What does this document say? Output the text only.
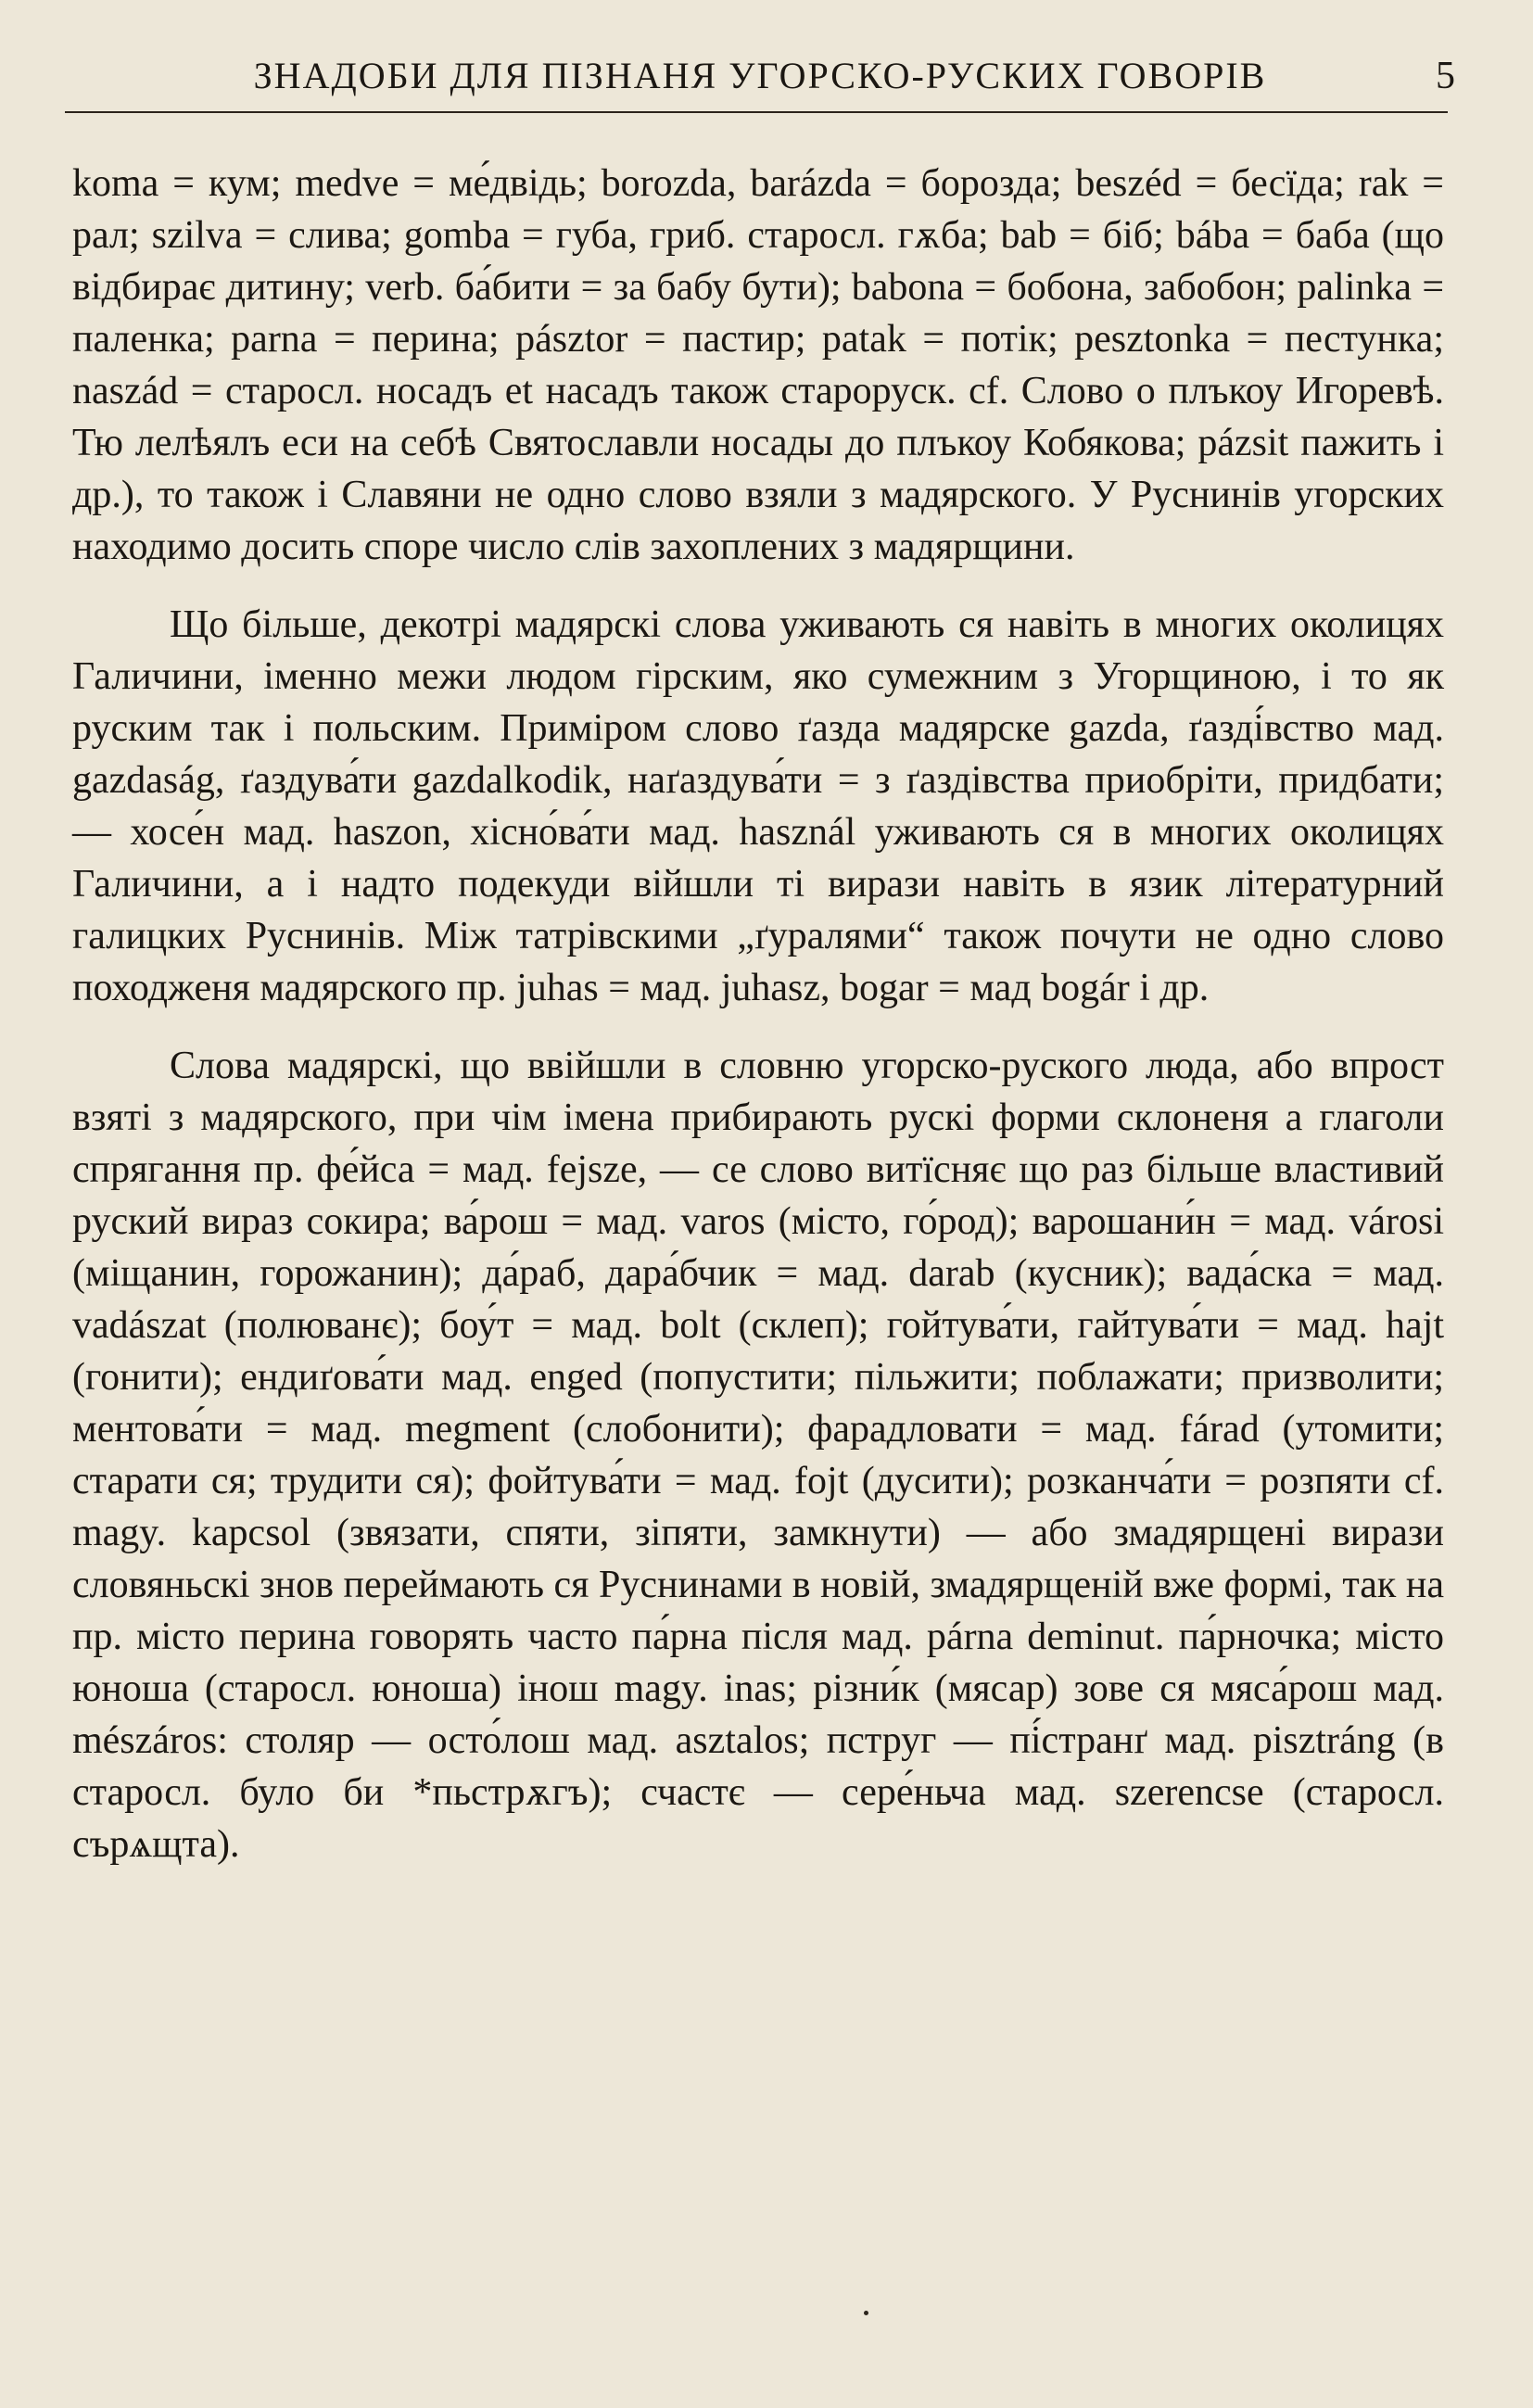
ЗНАДОБИ ДЛЯ ПІЗНАНЯ УГОРСКО-РУСКИХ ГОВОРІВ	5

koma = кум; medve = ме́двідь; borozda, barázda = борозда; beszéd = бесїда; rak = рал; szilva = слива; gomba = губа, гриб. старосл. гѫба; bab = біб; bába = баба (що відбирає дитину; verb. ба́бити = за бабу бути); babona = бобона, забобон; palinka = паленка; parna = перина; pásztor = пастир; patak = потік; pesztonka = пестунка; naszád = старосл. носадъ et насадъ також староруск. cf. Слово о плъкоу Игоревѣ. Тю лелѣялъ еси на себѣ Святославли носады до плъкоу Кобякова; pázsit пажить і др.), то також і Славяни не одно слово взяли з мадярского. У Руснинів угорских находимо досить споре число слів захоплених з мадярщини.

Що більше, декотрі мадярскі слова уживають ся навіть в многих околицях Галичини, іменно межи людом гірским, яко сумежним з Угорщиною, і то як руским так і польским. Приміром слово ґазда мадярске gazda, ґазді́вство мад. gazdaság, ґаздува́ти gazdalkodik, наґаздува́ти = з ґаздівства приобріти, придбати; — хосе́н мад. haszon, хісно́ва́ти мад. használ уживають ся в многих околицях Галичини, а і надто подекуди війшли ті вирази навіть в язик літературний галицких Руснинів. Між татрівскими „ґуралями“ також почути не одно слово походженя мадярского пр. juhas = мад. juhasz, bogar = мад bogár і др.

Слова мадярскі, що ввійшли в словню угорско-руского люда, або впрост взяті з мадярского, при чім імена прибирають рускі форми склоненя а глаголи спрягання пр. фе́йса = мад. fejsze, — се слово витїсняє що раз більше властивий руский вираз сокира; ва́рош = мад. varos (місто, го́род); варошани́н = мад. városi (міщанин, горожанин); да́раб, дара́бчик = мад. darab (кусник); вада́ска = мад. vadászat (полюванє); боу́т = мад. bolt (склеп); гойтува́ти, гайтува́ти = мад. hajt (гонити); ендиґова́ти мад. enged (попустити; пільжити; поблажати; призволити; ментова́ти = мад. megment (слобонити); фарадловати = мад. fárad (утомити; старати ся; трудити ся); фойтува́ти = мад. fojt (дусити); розканча́ти = розпяти cf. magy. kapcsol (звязати, спяти, зіпяти, замкнути) — або змадярщені вирази словяньскі знов переймають ся Руснинами в новій, змадярщеній вже формі, так на пр. місто перина говорять часто па́рна після мад. párna deminut. па́рночка; місто юноша (старосл. юноша) інош magy. inas; різни́к (мясар) зове ся мяса́рош мад. mészáros: столяр — осто́лош мад. asztalos; пструг — пі́странґ мад. pisztráng (в старосл. було би *пьстрѫгъ); счастє — сере́ньча мад. szerencse (старосл. сърѧщта).
